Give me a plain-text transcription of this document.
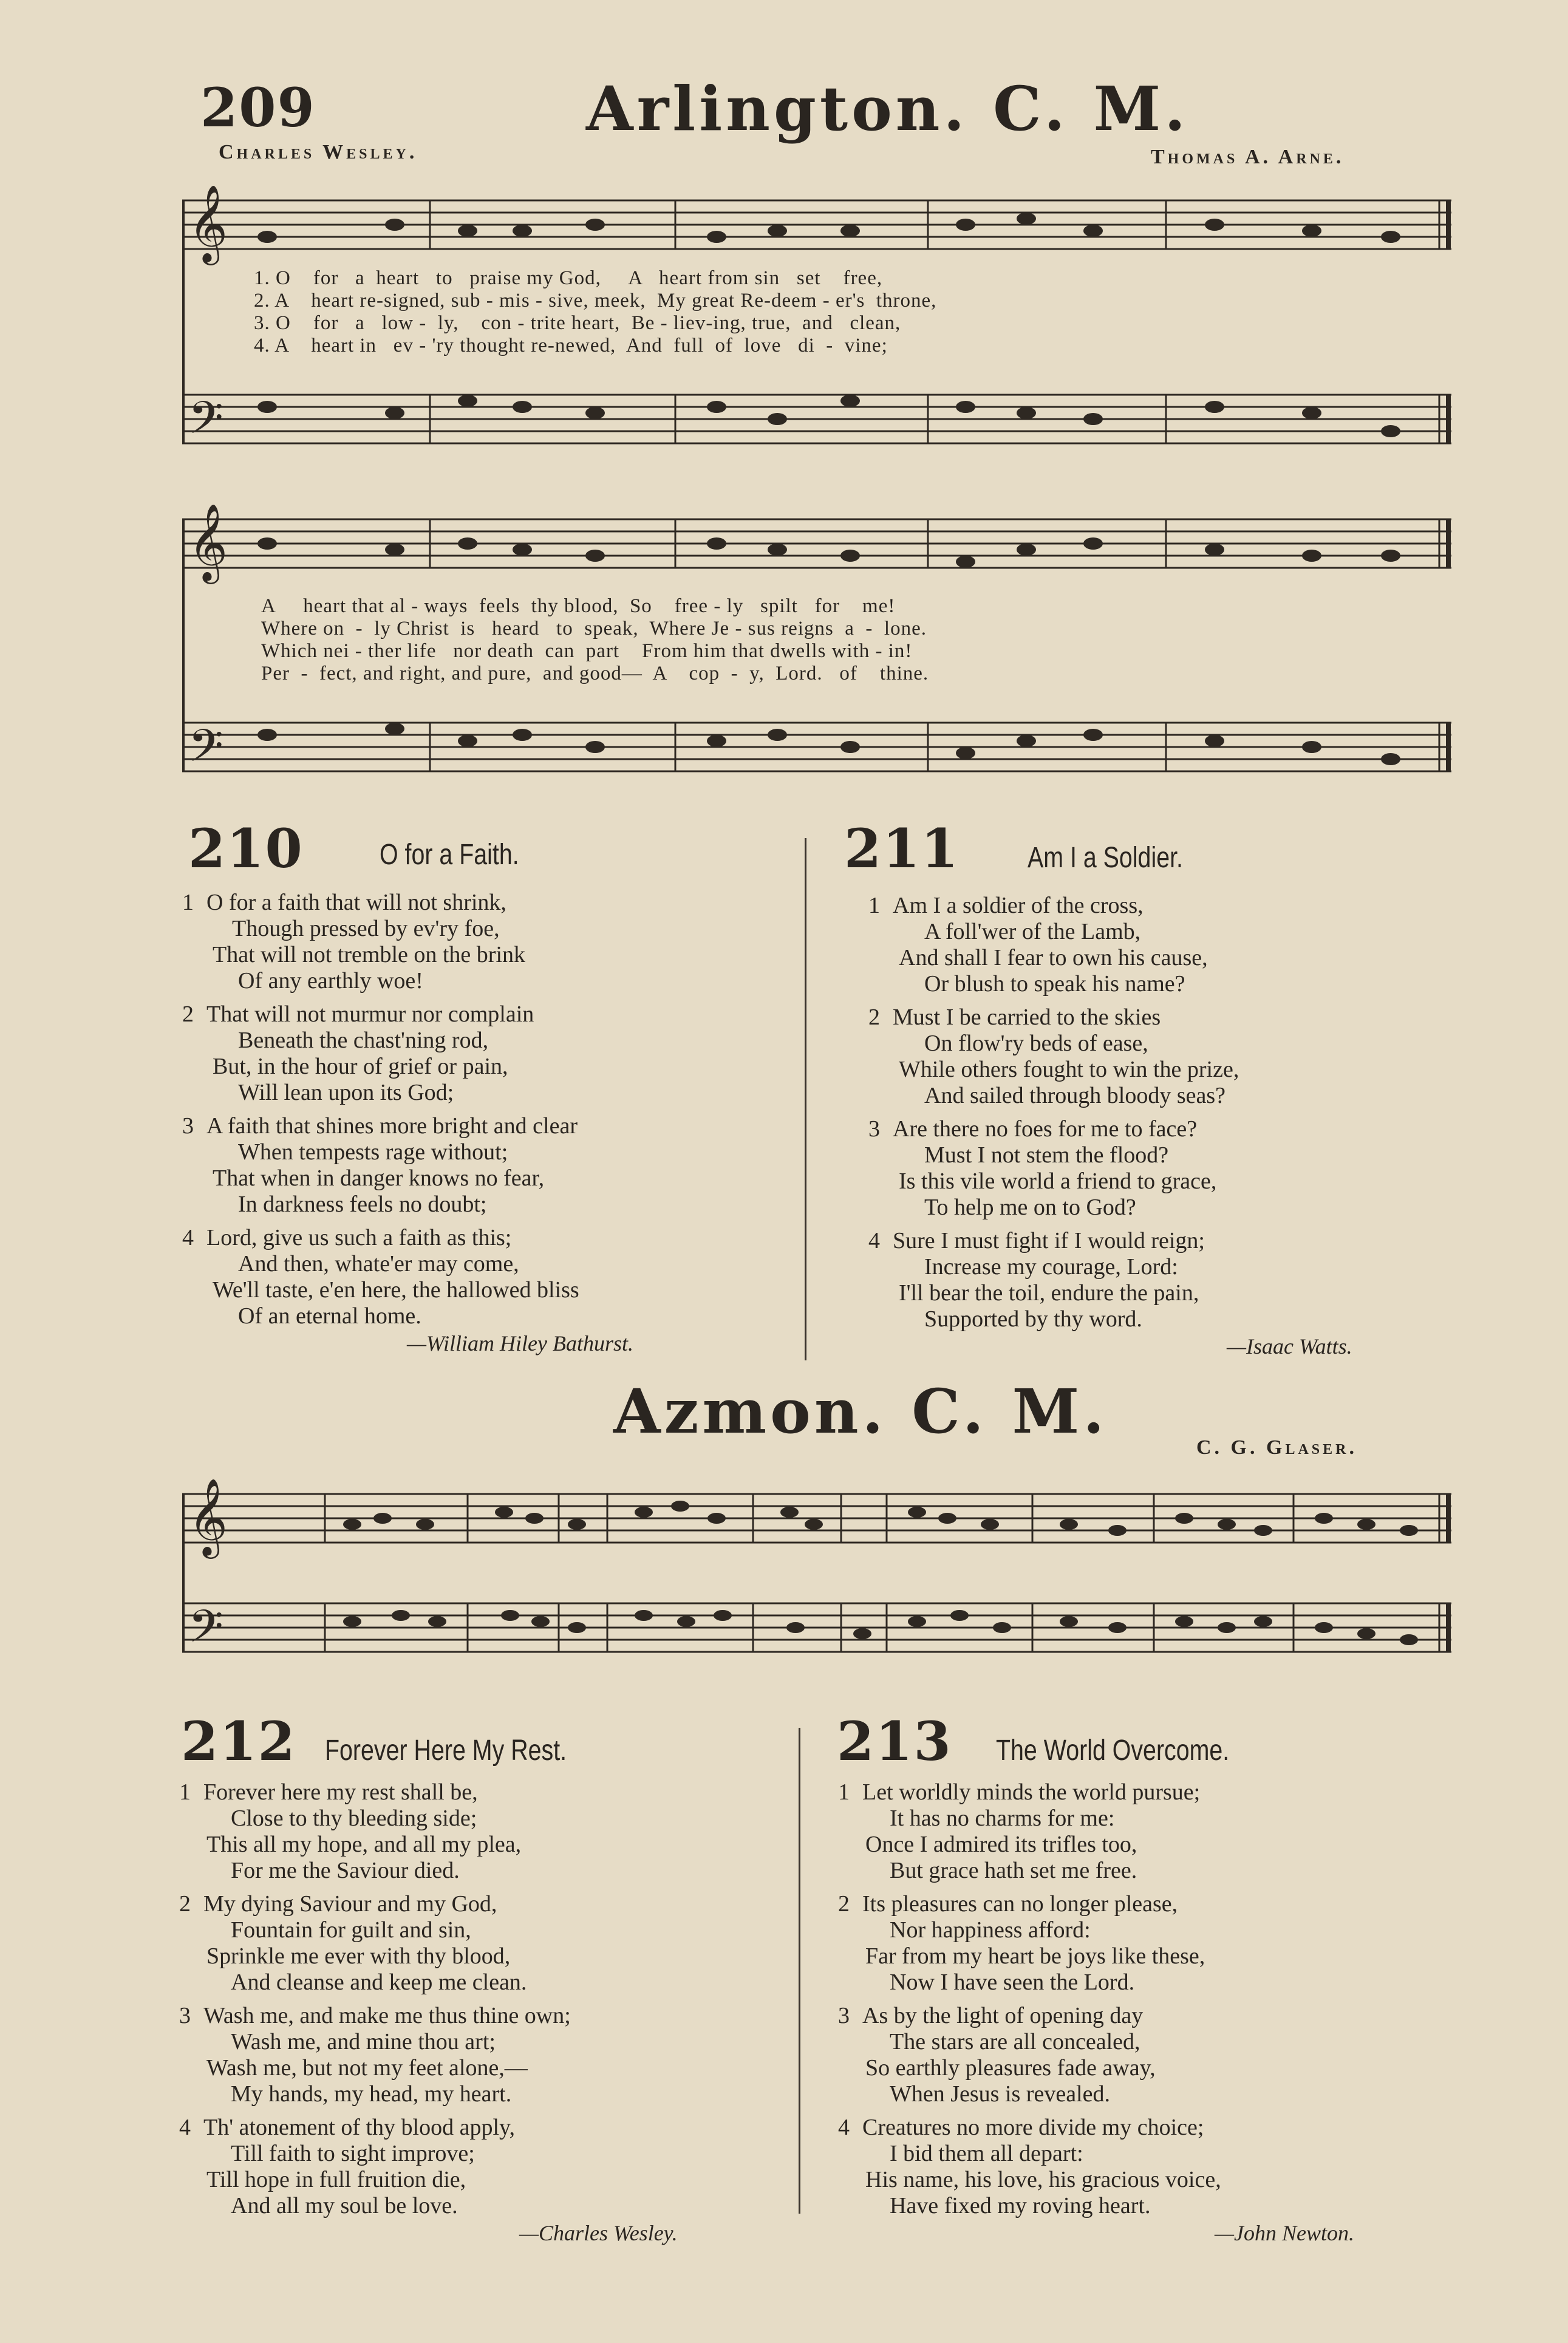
209	Arlington. C. M.
Charles Wesley.	Thomas A. Arne.
𝄞
𝄢
1. O    for   a  heart   to   praise my God,     A   heart from sin   set    free,
2. A    heart re-signed, sub - mis - sive, meek,  My great Re-deem - er's  throne,
3. O    for   a   low -  ly,    con - trite heart,  Be - liev-ing, true,  and   clean,
4. A    heart in   ev - 'ry thought re-newed,  And  full  of  love   di  -  vine;
𝄞
𝄢
A     heart that al - ways  feels  thy blood,  So    free - ly   spilt   for    me!
Where on  -  ly Christ  is   heard   to  speak,  Where Je - sus reigns  a  -  lone.
Which nei - ther life   nor death  can  part    From him that dwells with - in!
Per  -  fect, and right, and pure,  and good—  A    cop  -  y,  Lord.   of    thine.
210	O for a Faith.
1 O for a faith that will not shrink,
Though pressed by ev'ry foe,
That will not tremble on the brink
Of any earthly woe!
2 That will not murmur nor complain
Beneath the chast'ning rod,
But, in the hour of grief or pain,
Will lean upon its God;
3 A faith that shines more bright and clear
When tempests rage without;
That when in danger knows no fear,
In darkness feels no doubt;
4 Lord, give us such a faith as this;
And then, whate'er may come,
We'll taste, e'en here, the hallowed bliss
Of an eternal home.
—William Hiley Bathurst.
211 Am I a Soldier.
1 Am I a soldier of the cross,
A foll'wer of the Lamb,
And shall I fear to own his cause,
Or blush to speak his name?
2 Must I be carried to the skies
On flow'ry beds of ease,
While others fought to win the prize,
And sailed through bloody seas?
3 Are there no foes for me to face?
Must I not stem the flood?
Is this vile world a friend to grace,
To help me on to God?
4 Sure I must fight if I would reign;
Increase my courage, Lord:
I'll bear the toil, endure the pain,
Supported by thy word.
—Isaac Watts.
Azmon. C. M.
C. G. Glaser.
𝄞
𝄢
212 Forever Here My Rest.
1 Forever here my rest shall be,
Close to thy bleeding side;
This all my hope, and all my plea,
For me the Saviour died.
2 My dying Saviour and my God,
Fountain for guilt and sin,
Sprinkle me ever with thy blood,
And cleanse and keep me clean.
3 Wash me, and make me thus thine own;
Wash me, and mine thou art;
Wash me, but not my feet alone,—
My hands, my head, my heart.
4 Th' atonement of thy blood apply,
Till faith to sight improve;
Till hope in full fruition die,
And all my soul be love.
—Charles Wesley.
213 The World Overcome.
1 Let worldly minds the world pursue;
It has no charms for me:
Once I admired its trifles too,
But grace hath set me free.
2 Its pleasures can no longer please,
Nor happiness afford:
Far from my heart be joys like these,
Now I have seen the Lord.
3 As by the light of opening day
The stars are all concealed,
So earthly pleasures fade away,
When Jesus is revealed.
4 Creatures no more divide my choice;
I bid them all depart:
His name, his love, his gracious voice,
Have fixed my roving heart.
—John Newton.
